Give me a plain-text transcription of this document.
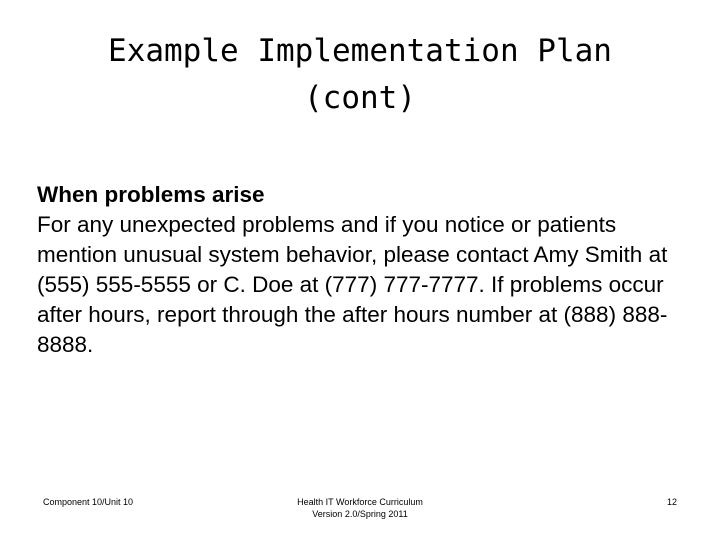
Example Implementation Plan
(cont)
When problems arise
For any unexpected problems and if you notice or patients mention unusual system behavior, please contact Amy Smith at (555) 555-5555 or C. Doe at (777) 777-7777. If problems occur after hours, report through the after hours number at (888) 888-8888.
Component 10/Unit 10	Health IT Workforce Curriculum
Version 2.0/Spring 2011
12
